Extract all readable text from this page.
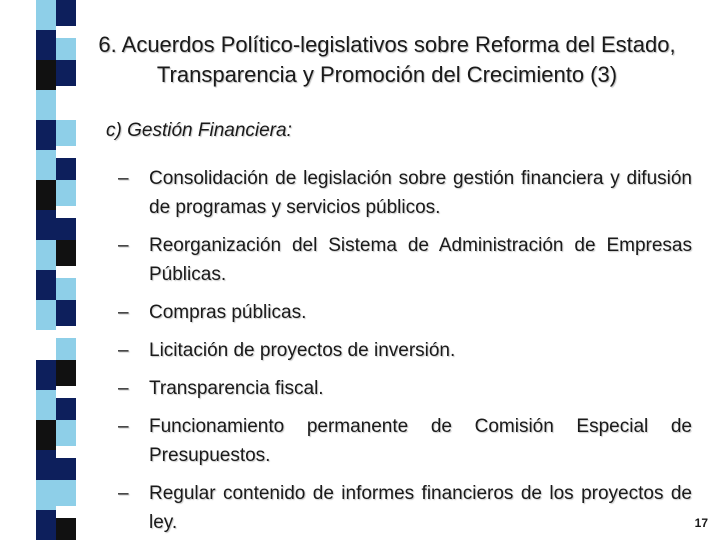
6. Acuerdos Político-legislativos sobre Reforma del Estado, Transparencia y Promoción del Crecimiento (3)
c) Gestión Financiera:
– Consolidación de legislación sobre gestión financiera y difusión de programas y servicios públicos.
– Reorganización del Sistema de Administración de Empresas Públicas.
– Compras públicas.
– Licitación de proyectos de inversión.
– Transparencia fiscal.
– Funcionamiento permanente de Comisión Especial de Presupuestos.
– Regular contenido de informes financieros de los proyectos de ley.	17
